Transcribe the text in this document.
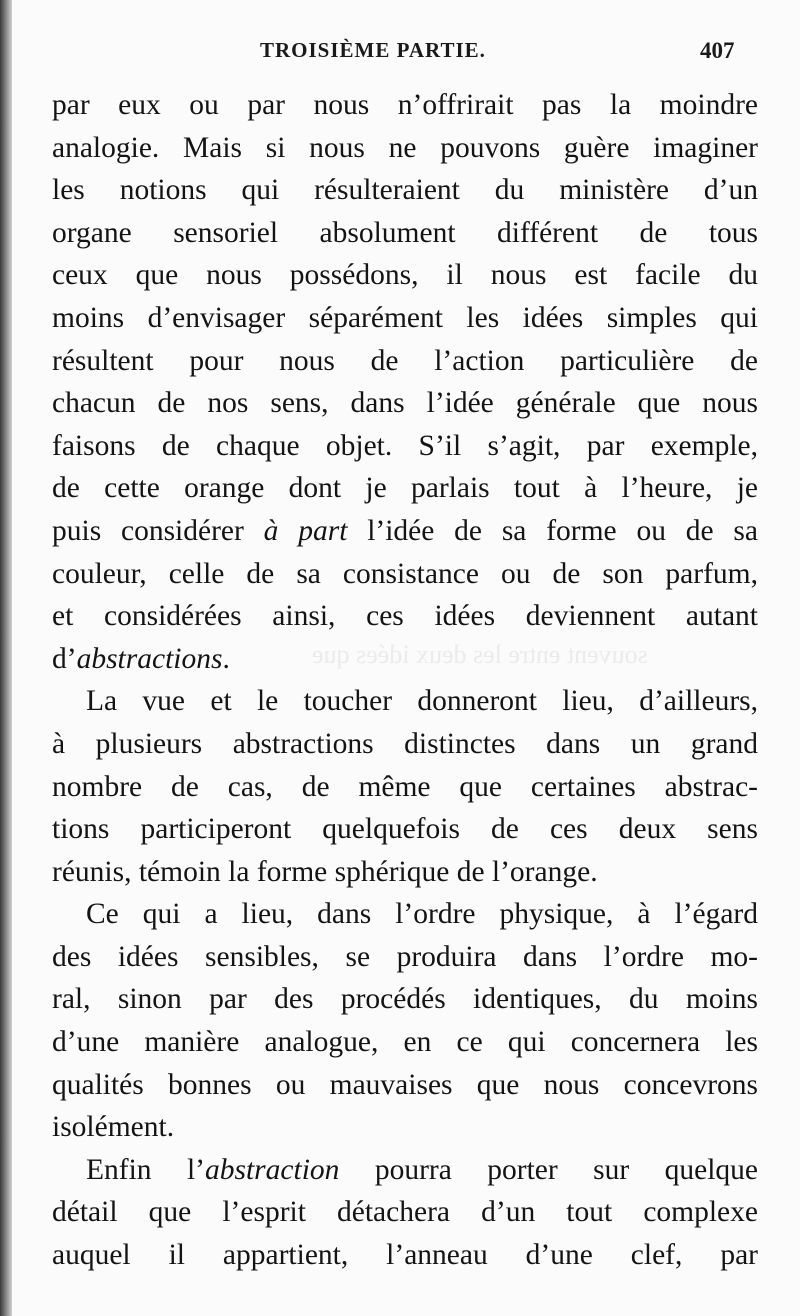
souvent entre les deux idées que
TROISIÈME PARTIE.	407
par eux ou par nous n’offrirait pas la moindre
analogie. Mais si nous ne pouvons guère imaginer
les notions qui résulteraient du ministère d’un
organe sensoriel absolument différent de tous
ceux que nous possédons, il nous est facile du
moins d’envisager séparément les idées simples qui
résultent pour nous de l’action particulière de
chacun de nos sens, dans l’idée générale que nous
faisons de chaque objet. S’il s’agit, par exemple,
de cette orange dont je parlais tout à l’heure, je
puis considérer à part l’idée de sa forme ou de sa
couleur, celle de sa consistance ou de son parfum,
et considérées ainsi, ces idées deviennent autant
d’abstractions.
La vue et le toucher donneront lieu, d’ailleurs,
à plusieurs abstractions distinctes dans un grand
nombre de cas, de même que certaines abstrac-
tions participeront quelquefois de ces deux sens
réunis, témoin la forme sphérique de l’orange.
Ce qui a lieu, dans l’ordre physique, à l’égard
des idées sensibles, se produira dans l’ordre mo-
ral, sinon par des procédés identiques, du moins
d’une manière analogue, en ce qui concernera les
qualités bonnes ou mauvaises que nous concevrons
isolément.
Enfin l’abstraction pourra porter sur quelque
détail que l’esprit détachera d’un tout complexe
auquel il appartient, l’anneau d’une clef, par
